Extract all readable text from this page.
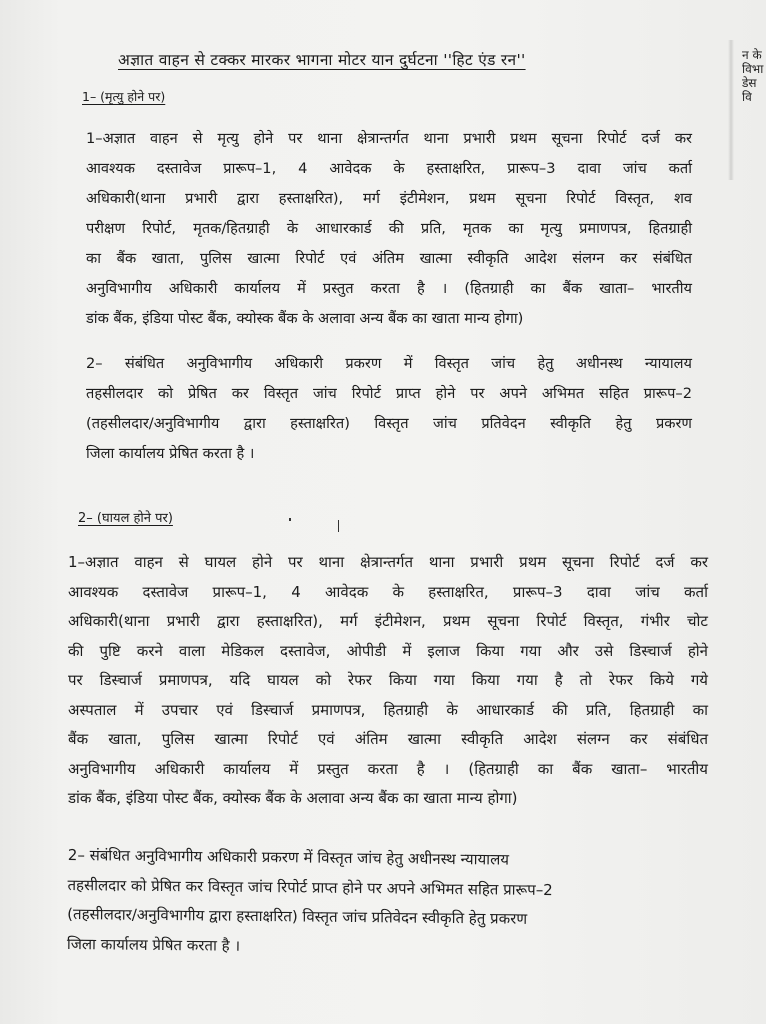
न के
विभा
डेस
वि
अज्ञात वाहन से टक्कर मारकर भागना मोटर यान दुर्घटना ''हिट एंड रन''
1– (मृत्यु होने पर)
1–अज्ञात वाहन से मृत्यु होने पर थाना क्षेत्रान्तर्गत थाना प्रभारी प्रथम सूचना रिपोर्ट दर्ज कर
आवश्यक दस्तावेज प्रारूप–1, 4 आवेदक के हस्ताक्षरित, प्रारूप–3 दावा जांच कर्ता
अधिकारी(थाना प्रभारी द्वारा हस्ताक्षरित), मर्ग इंटीमेशन, प्रथम सूचना रिपोर्ट विस्तृत, शव
परीक्षण रिपोर्ट, मृतक/हितग्राही के आधारकार्ड की प्रति, मृतक का मृत्यु प्रमाणपत्र, हितग्राही
का बैंक खाता, पुलिस खात्मा रिपोर्ट एवं अंतिम खात्मा स्वीकृति आदेश संलग्न कर संबंधित
अनुविभागीय अधिकारी कार्यालय में प्रस्तुत करता है । (हितग्राही का बैंक खाता– भारतीय
डांक बैंक, इंडिया पोस्ट बैंक, क्योस्क बैंक के अलावा अन्य बैंक का खाता मान्य होगा)
2– संबंधित अनुविभागीय अधिकारी प्रकरण में विस्तृत जांच हेतु अधीनस्थ न्यायालय
तहसीलदार को प्रेषित कर विस्तृत जांच रिपोर्ट प्राप्त होने पर अपने अभिमत सहित प्रारूप–2
(तहसीलदार/अनुविभागीय द्वारा हस्ताक्षरित) विस्तृत जांच प्रतिवेदन स्वीकृति हेतु प्रकरण
जिला कार्यालय प्रेषित करता है ।
2– (घायल होने पर)
1–अज्ञात वाहन से घायल होने पर थाना क्षेत्रान्तर्गत थाना प्रभारी प्रथम सूचना रिपोर्ट दर्ज कर
आवश्यक दस्तावेज प्रारूप–1, 4 आवेदक के हस्ताक्षरित, प्रारूप–3 दावा जांच कर्ता
अधिकारी(थाना प्रभारी द्वारा हस्ताक्षरित), मर्ग इंटीमेशन, प्रथम सूचना रिपोर्ट विस्तृत, गंभीर चोट
की पुष्टि करने वाला मेडिकल दस्तावेज, ओपीडी में इलाज किया गया और उसे डिस्चार्ज होने
पर डिस्चार्ज प्रमाणपत्र, यदि घायल को रेफर किया गया किया गया है तो रेफर किये गये
अस्पताल में उपचार एवं डिस्चार्ज प्रमाणपत्र, हितग्राही के आधारकार्ड की प्रति, हितग्राही का
बैंक खाता, पुलिस खात्मा रिपोर्ट एवं अंतिम खात्मा स्वीकृति आदेश संलग्न कर संबंधित
अनुविभागीय अधिकारी कार्यालय में प्रस्तुत करता है । (हितग्राही का बैंक खाता– भारतीय
डांक बैंक, इंडिया पोस्ट बैंक, क्योस्क बैंक के अलावा अन्य बैंक का खाता मान्य होगा)
2– संबंधित अनुविभागीय अधिकारी प्रकरण में विस्तृत जांच हेतु अधीनस्थ न्यायालय
तहसीलदार को प्रेषित कर विस्तृत जांच रिपोर्ट प्राप्त होने पर अपने अभिमत सहित प्रारूप–2
(तहसीलदार/अनुविभागीय द्वारा हस्ताक्षरित) विस्तृत जांच प्रतिवेदन स्वीकृति हेतु प्रकरण
जिला कार्यालय प्रेषित करता है ।
